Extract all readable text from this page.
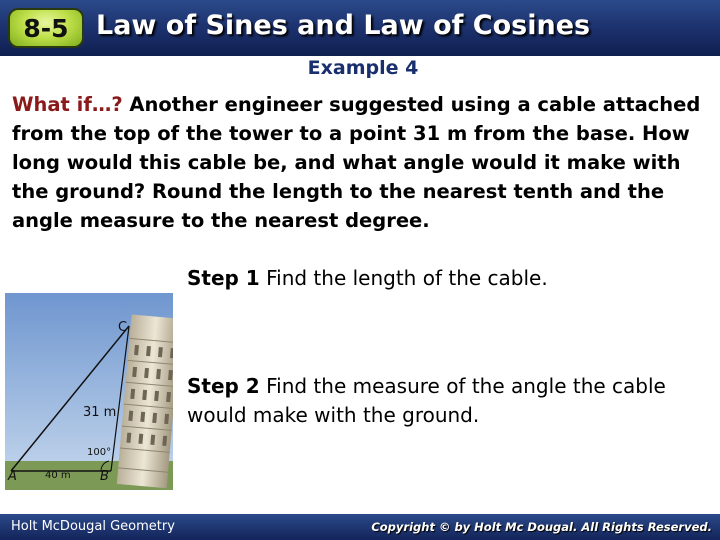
8-5 Law of Sines and Law of Cosines
Example 4
What if…? Another engineer suggested using a cable attached from the top of the tower to a point 31 m from the base. How long would this cable be, and what angle would it make with the ground? Round the length to the nearest tenth and the angle measure to the nearest degree.
Step 1 Find the length of the cable.
C
31 m
100°
A	40 m B
Step 2 Find the measure of the angle the cable would make with the ground.
Holt McDougal Geometry	Copyright © by Holt Mc Dougal. All Rights Reserved.
